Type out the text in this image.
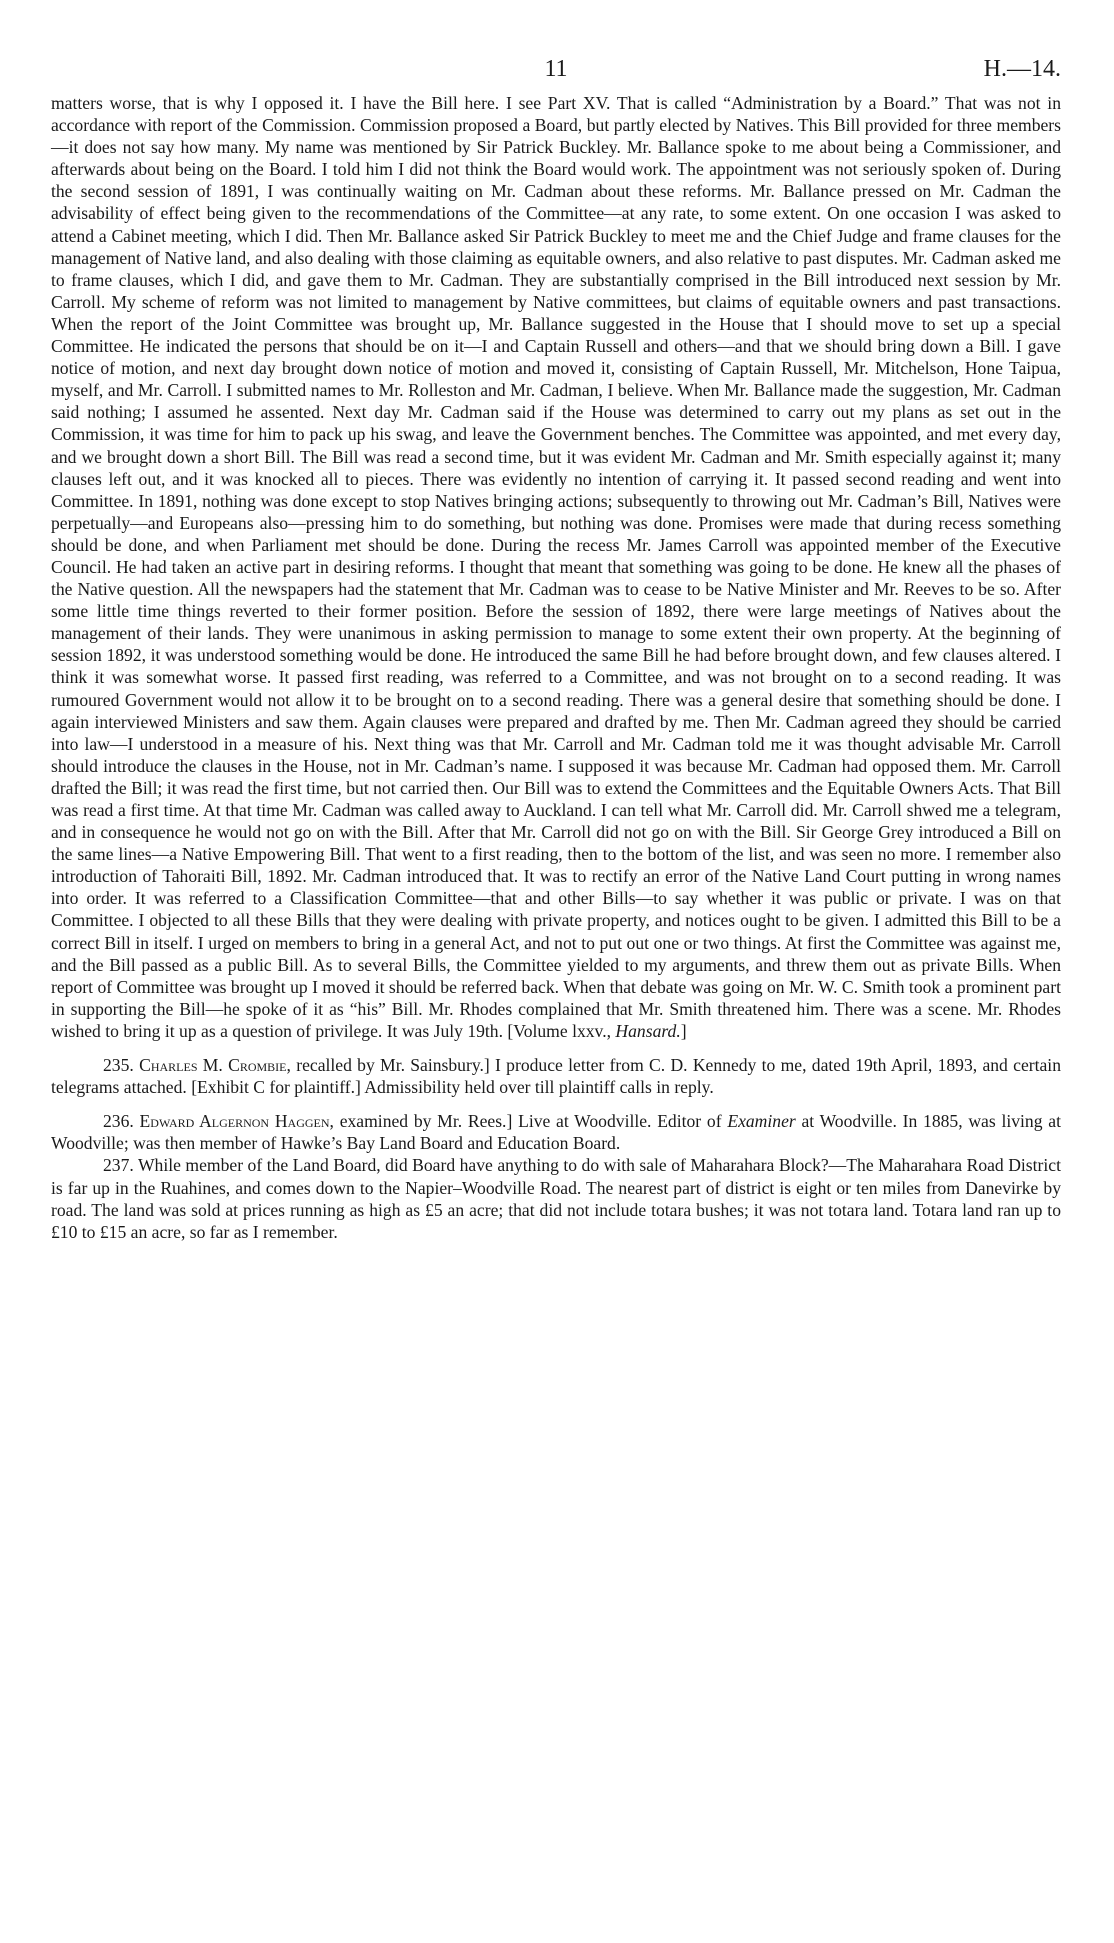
11	H.—14.

matters worse, that is why I opposed it. I have the Bill here. I see Part XV. That is called “Administration by a Board.” That was not in accordance with report of the Commission. Commission proposed a Board, but partly elected by Natives. This Bill provided for three members—it does not say how many. My name was mentioned by Sir Patrick Buckley. Mr. Ballance spoke to me about being a Commissioner, and afterwards about being on the Board. I told him I did not think the Board would work. The appointment was not seriously spoken of. During the second session of 1891, I was continually waiting on Mr. Cadman about these reforms. Mr. Ballance pressed on Mr. Cadman the advisability of effect being given to the recommendations of the Committee—at any rate, to some extent. On one occasion I was asked to attend a Cabinet meeting, which I did. Then Mr. Ballance asked Sir Patrick Buckley to meet me and the Chief Judge and frame clauses for the management of Native land, and also dealing with those claiming as equitable owners, and also relative to past disputes. Mr. Cadman asked me to frame clauses, which I did, and gave them to Mr. Cadman. They are substantially comprised in the Bill introduced next session by Mr. Carroll. My scheme of reform was not limited to management by Native committees, but claims of equitable owners and past transactions. When the report of the Joint Committee was brought up, Mr. Ballance suggested in the House that I should move to set up a special Committee. He indicated the persons that should be on it—I and Captain Russell and others—and that we should bring down a Bill. I gave notice of motion, and next day brought down notice of motion and moved it, consisting of Captain Russell, Mr. Mitchelson, Hone Taipua, myself, and Mr. Carroll. I submitted names to Mr. Rolleston and Mr. Cadman, I believe. When Mr. Ballance made the suggestion, Mr. Cadman said nothing; I assumed he assented. Next day Mr. Cadman said if the House was determined to carry out my plans as set out in the Commission, it was time for him to pack up his swag, and leave the Government benches. The Committee was appointed, and met every day, and we brought down a short Bill. The Bill was read a second time, but it was evident Mr. Cadman and Mr. Smith especially against it; many clauses left out, and it was knocked all to pieces. There was evidently no intention of carrying it. It passed second reading and went into Committee. In 1891, nothing was done except to stop Natives bringing actions; subsequently to throwing out Mr. Cadman’s Bill, Natives were perpetually—and Europeans also—pressing him to do something, but nothing was done. Promises were made that during recess something should be done, and when Parliament met should be done. During the recess Mr. James Carroll was appointed member of the Executive Council. He had taken an active part in desiring reforms. I thought that meant that something was going to be done. He knew all the phases of the Native question. All the newspapers had the statement that Mr. Cadman was to cease to be Native Minister and Mr. Reeves to be so. After some little time things reverted to their former position. Before the session of 1892, there were large meetings of Natives about the management of their lands. They were unanimous in asking permission to manage to some extent their own property. At the beginning of session 1892, it was understood something would be done. He introduced the same Bill he had before brought down, and few clauses altered. I think it was somewhat worse. It passed first reading, was referred to a Committee, and was not brought on to a second reading. It was rumoured Government would not allow it to be brought on to a second reading. There was a general desire that something should be done. I again interviewed Ministers and saw them. Again clauses were prepared and drafted by me. Then Mr. Cadman agreed they should be carried into law—I understood in a measure of his. Next thing was that Mr. Carroll and Mr. Cadman told me it was thought advisable Mr. Carroll should introduce the clauses in the House, not in Mr. Cadman’s name. I supposed it was because Mr. Cadman had opposed them. Mr. Carroll drafted the Bill; it was read the first time, but not carried then. Our Bill was to extend the Committees and the Equitable Owners Acts. That Bill was read a first time. At that time Mr. Cadman was called away to Auckland. I can tell what Mr. Carroll did. Mr. Carroll shwed me a telegram, and in consequence he would not go on with the Bill. After that Mr. Carroll did not go on with the Bill. Sir George Grey introduced a Bill on the same lines—a Native Empowering Bill. That went to a first reading, then to the bottom of the list, and was seen no more. I remember also introduction of Tahoraiti Bill, 1892. Mr. Cadman introduced that. It was to rectify an error of the Native Land Court putting in wrong names into order. It was referred to a Classification Committee—that and other Bills—to say whether it was public or private. I was on that Committee. I objected to all these Bills that they were dealing with private property, and notices ought to be given. I admitted this Bill to be a correct Bill in itself. I urged on members to bring in a general Act, and not to put out one or two things. At first the Committee was against me, and the Bill passed as a public Bill. As to several Bills, the Committee yielded to my arguments, and threw them out as private Bills. When report of Committee was brought up I moved it should be referred back. When that debate was going on Mr. W. C. Smith took a prominent part in supporting the Bill—he spoke of it as “his” Bill. Mr. Rhodes complained that Mr. Smith threatened him. There was a scene. Mr. Rhodes wished to bring it up as a question of privilege. It was July 19th. [Volume lxxv., Hansard.]

235. Charles M. Crombie, recalled by Mr. Sainsbury.] I produce letter from C. D. Kennedy to me, dated 19th April, 1893, and certain telegrams attached. [Exhibit C for plaintiff.] Admissibility held over till plaintiff calls in reply.

236. Edward Algernon Haggen, examined by Mr. Rees.] Live at Woodville. Editor of Examiner at Woodville. In 1885, was living at Woodville; was then member of Hawke’s Bay Land Board and Education Board.

237. While member of the Land Board, did Board have anything to do with sale of Maharahara Block?—The Maharahara Road District is far up in the Ruahines, and comes down to the Napier–Woodville Road. The nearest part of district is eight or ten miles from Danevirke by road. The land was sold at prices running as high as £5 an acre; that did not include totara bushes; it was not totara land. Totara land ran up to £10 to £15 an acre, so far as I remember.
